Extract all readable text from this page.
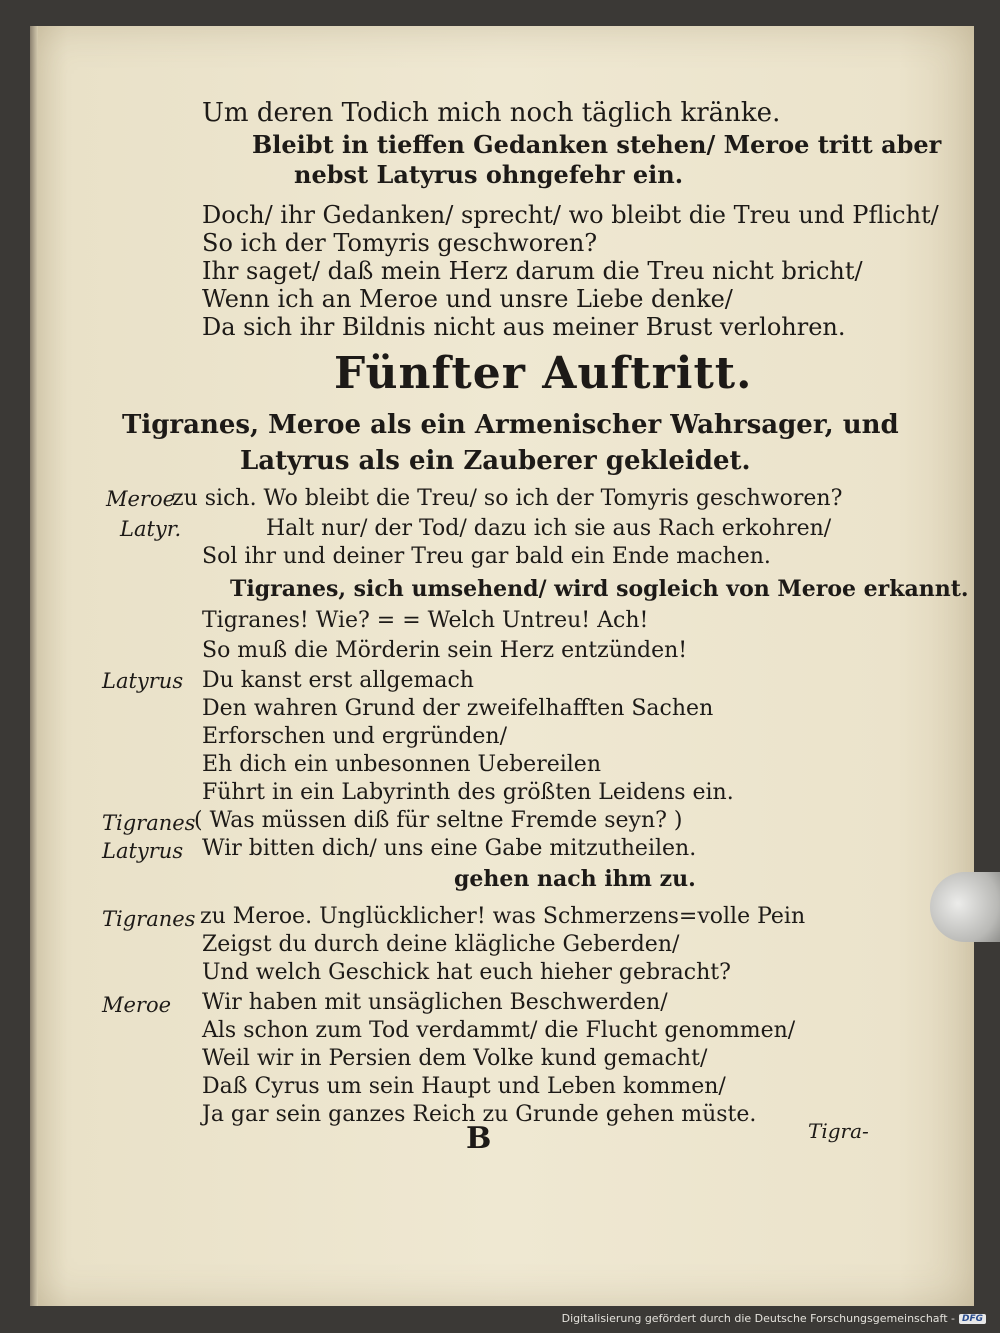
Um deren Todich mich noch täglich kränke.
Bleibt in tieffen Gedanken stehen/ Meroe tritt aber
nebst Latyrus ohngefehr ein.
Doch/ ihr Gedanken/ sprecht/ wo bleibt die Treu und Pflicht/
So ich der Tomyris geschworen?
Ihr saget/ daß mein Herz darum die Treu nicht bricht/
Wenn ich an Meroe und unsre Liebe denke/
Da sich ihr Bildnis nicht aus meiner Brust verlohren.
Fünfter Auftritt.
Tigranes, Meroe als ein Armenischer Wahrsager, und
Latyrus als ein Zauberer gekleidet.
Meroe
zu sich. Wo bleibt die Treu/ so ich der Tomyris geschworen?
Latyr.	Halt nur/ der Tod/ dazu ich sie aus Rach erkohren/
Sol ihr und deiner Treu gar bald ein Ende machen.
Tigranes, sich umsehend/ wird sogleich von Meroe erkannt.
Tigranes! Wie? = = Welch Untreu! Ach!
So muß die Mörderin sein Herz entzünden!
Latyrus Du kanst erst allgemach
Den wahren Grund der zweifelhafften Sachen
Erforschen und ergründen/
Eh dich ein unbesonnen Uebereilen
Führt in ein Labyrinth des größten Leidens ein.
Tigranes
( Was müssen diß für seltne Fremde seyn? )
Latyrus Wir bitten dich/ uns eine Gabe mitzutheilen.
gehen nach ihm zu.
Tigranes zu Meroe. Unglücklicher! was Schmerzens=volle Pein
Zeigst du durch deine klägliche Geberden/
Und welch Geschick hat euch hieher gebracht?
Meroe Wir haben mit unsäglichen Beschwerden/
Als schon zum Tod verdammt/ die Flucht genommen/
Weil wir in Persien dem Volke kund gemacht/
Daß Cyrus um sein Haupt und Leben kommen/
Ja gar sein ganzes Reich zu Grunde gehen müste.
B	Tigra-
Digitalisierung gefördert durch die Deutsche Forschungsgemeinschaft - DFG
